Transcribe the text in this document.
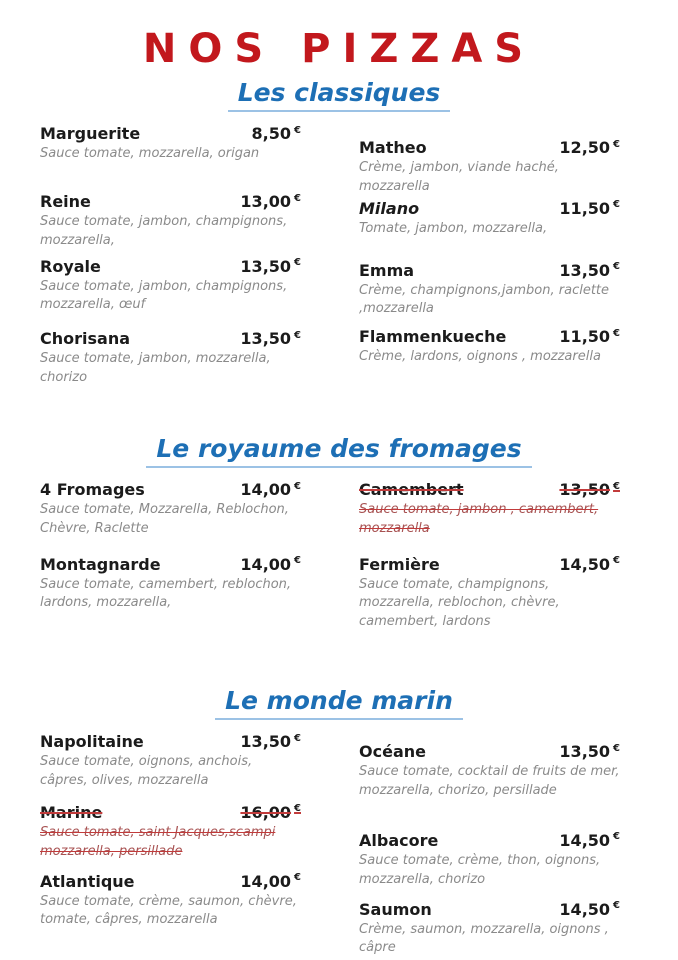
NOS PIZZAS
Les classiques
Marguerite	8,50 €
Sauce tomate, mozzarella, origan
Reine	13,00 €
Sauce tomate, jambon, champignons, mozzarella,
Royale	13,50 €
Sauce tomate, jambon, champignons, mozzarella, œuf
Chorisana	13,50 €
Sauce tomate, jambon, mozzarella, chorizo
Matheo	12,50 €
Crème, jambon, viande haché, mozzarella
Milano	11,50 €
Tomate, jambon, mozzarella,
Emma	13,50 €
Crème, champignons,jambon, raclette ,mozzarella
Flammenkueche	11,50 €
Crème, lardons, oignons , mozzarella
Le royaume des fromages
4 Fromages	14,00 €
Sauce tomate, Mozzarella, Reblochon, Chèvre, Raclette
Montagnarde	14,00 €
Sauce tomate, camembert, reblochon, lardons, mozzarella,
Camembert	13,50 €
Sauce tomate, jambon , camembert, mozzarella
Fermière	14,50 €
Sauce tomate, champignons, mozzarella, reblochon, chèvre, camembert, lardons
Le monde marin
Napolitaine	13,50 €
Sauce tomate, oignons, anchois, câpres, olives, mozzarella
Marine	16,00 €
Sauce tomate, saint Jacques,scampi mozzarella, persillade
Atlantique	14,00 €
Sauce tomate, crème, saumon, chèvre, tomate, câpres, mozzarella
Océane	13,50 €
Sauce tomate, cocktail de fruits de mer, mozzarella, chorizo, persillade
Albacore	14,50 €
Sauce tomate, crème, thon, oignons, mozzarella, chorizo
Saumon	14,50 €
Crème, saumon, mozzarella, oignons , câpre
